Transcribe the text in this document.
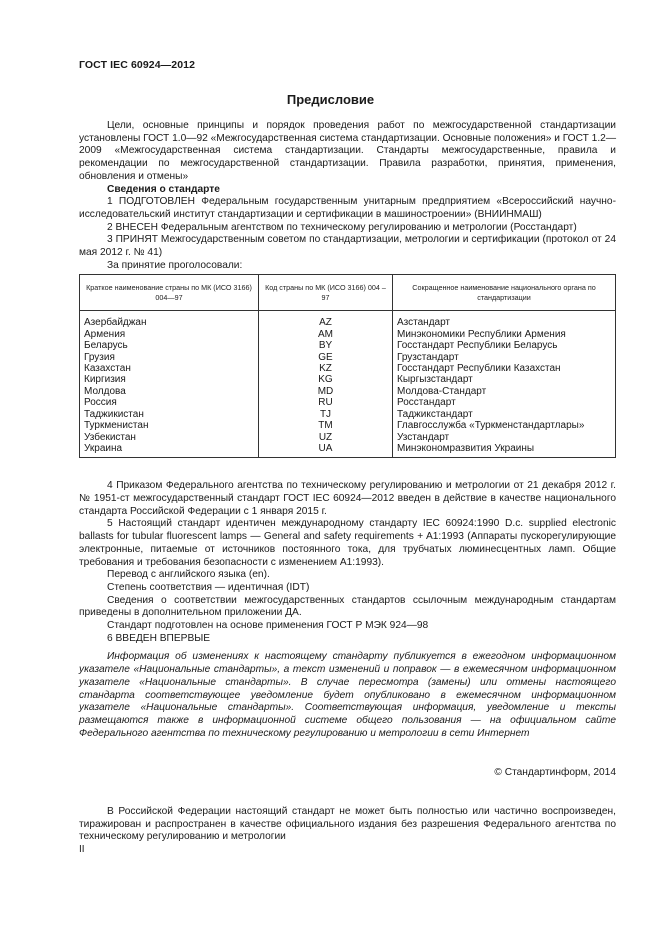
ГОСТ IEC 60924—2012
Предисловие

Цели, основные принципы и порядок проведения работ по межгосударственной стандартизации установлены ГОСТ 1.0—92 «Межгосударственная система стандартизации. Основные положения» и ГОСТ 1.2—2009 «Межгосударственная система стандартизации. Стандарты межгосударственные, правила и рекомендации по межгосударственной стандартизации. Правила разработки, принятия, применения, обновления и отмены»

Сведения о стандарте

1 ПОДГОТОВЛЕН Федеральным государственным унитарным предприятием «Всероссийский научно-исследовательский институт стандартизации и сертификации в машиностроении» (ВНИИНМАШ)

2 ВНЕСЕН Федеральным агентством по техническому регулированию и метрологии (Росстандарт)

3 ПРИНЯТ Межгосударственным советом по стандартизации, метрологии и сертификации (протокол от 24 мая 2012 г. № 41)

За принятие проголосовали:

Краткое наименование страны по МК (ИСО 3166) 004—97	Код страны по МК (ИСО 3166) 004 – 97	Сокращенное наименование национального органа по стандартизации
Азербайджан	AZ	Азстандарт
Армения	AM	Минэкономики Республики Армения
Беларусь	BY	Госстандарт Республики Беларусь
Грузия	GE	Грузстандарт
Казахстан	KZ	Госстандарт Республики Казахстан
Киргизия	KG	Кыргызстандарт
Молдова	MD	Молдова-Стандарт
Россия	RU	Росстандарт
Таджикистан	TJ	Таджикстандарт
Туркменистан	TM	Главгосслужба «Туркменстандартлары»
Узбекистан	UZ	Узстандарт
Украина	UA	Минэкономразвития Украины

4 Приказом Федерального агентства по техническому регулированию и метрологии от 21 декабря 2012 г. № 1951-ст межгосударственный стандарт ГОСТ IEC 60924—2012 введен в действие в качестве национального стандарта Российской Федерации с 1 января 2015 г.

5 Настоящий стандарт идентичен международному стандарту IEC 60924:1990 D.c. supplied electronic ballasts for tubular fluorescent lamps — General and safety requirements + A1:1993 (Аппараты пускорегулирующие электронные, питаемые от источников постоянного тока, для трубчатых люминесцентных ламп. Общие требования и требования безопасности с изменением A1:1993).

Перевод с английского языка (en).

Степень соответствия — идентичная (IDT)

Сведения о соответствии межгосударственных стандартов ссылочным международным стандартам приведены в дополнительном приложении ДА.

Стандарт подготовлен на основе применения ГОСТ Р МЭК 924—98

6 ВВЕДЕН ВПЕРВЫЕ

Информация об изменениях к настоящему стандарту публикуется в ежегодном информационном указателе «Национальные стандарты», а текст изменений и поправок — в ежемесячном информационном указателе «Национальные стандарты». В случае пересмотра (замены) или отмены настоящего стандарта соответствующее уведомление будет опубликовано в ежемесячном информационном указателе «Национальные стандарты». Соответствующая информация, уведомление и тексты размещаются также в информационной системе общего пользования — на официальном сайте Федерального агентства по техническому регулированию и метрологии в сети Интернет

© Стандартинформ, 2014

В Российской Федерации настоящий стандарт не может быть полностью или частично воспроизведен, тиражирован и распространен в качестве официального издания без разрешения Федерального агентства по техническому регулированию и метрологии

II
